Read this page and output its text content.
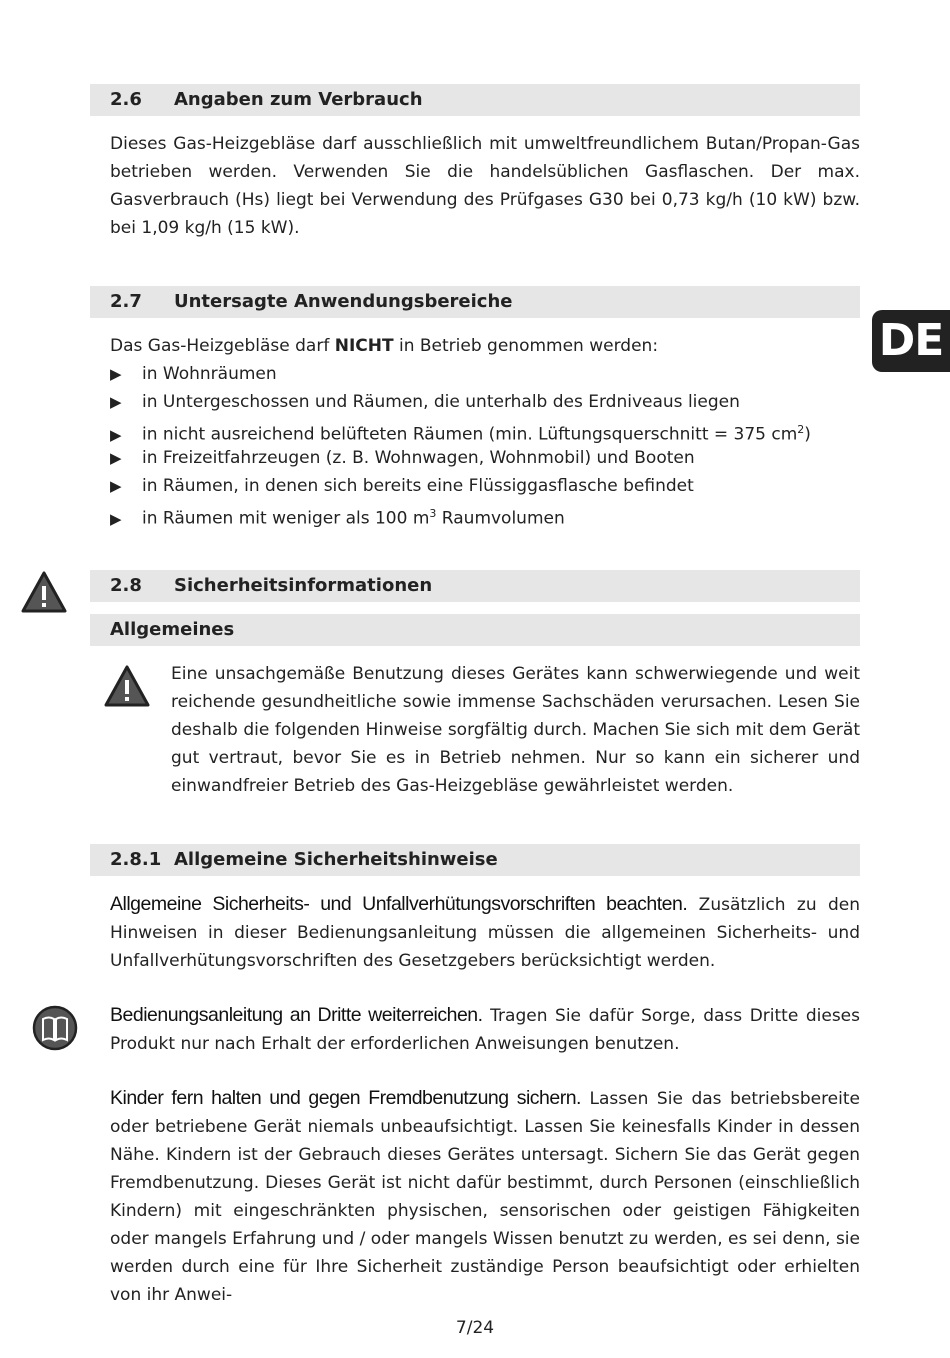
2.6 Angaben zum Verbrauch
Dieses Gas-Heizgebläse darf ausschließlich mit umweltfreundlichem Butan/Propan-Gas betrieben werden. Verwenden Sie die handelsüblichen Gasflaschen. Der max. Gasverbrauch (Hs) liegt bei Verwendung des Prüfgases G30 bei 0,73 kg/h (10 kW) bzw. bei 1,09 kg/h (15 kW).
DE
2.7 Untersagte Anwendungsbereiche
Das Gas-Heizgebläse darf NICHT in Betrieb genommen werden:
▶ in Wohnräumen
▶ in Untergeschossen und Räumen, die unterhalb des Erdniveaus liegen
▶ in nicht ausreichend belüfteten Räumen (min. Lüftungsquerschnitt = 375 $cm^2$)
▶ in Freizeitfahrzeugen (z. B. Wohnwagen, Wohnmobil) und Booten
▶ in Räumen, in denen sich bereits eine Flüssiggasflasche befindet
▶ in Räumen mit weniger als 100 $m^3$ Raumvolumen
2.8 Sicherheitsinformationen
Allgemeines
Eine unsachgemäße Benutzung dieses Gerätes kann schwerwiegende und weit reichende gesundheitliche sowie immense Sachschäden verursachen. Lesen Sie deshalb die folgenden Hinweise sorgfältig durch. Machen Sie sich mit dem Gerät gut vertraut, bevor Sie es in Betrieb nehmen. Nur so kann ein sicherer und einwandfreier Betrieb des Gas-Heizgebläse gewährleistet werden.
2.8.1 Allgemeine Sicherheitshinweise
Allgemeine Sicherheits- und Unfallverhütungsvorschriften beachten. Zusätzlich zu den Hinweisen in dieser Bedienungsanleitung müssen die allgemeinen Sicherheits- und Unfallverhütungsvorschriften des Gesetzgebers berücksichtigt werden.
Bedienungsanleitung an Dritte weiterreichen. Tragen Sie dafür Sorge, dass Dritte dieses Produkt nur nach Erhalt der erforderlichen Anweisungen benutzen.
Kinder fern halten und gegen Fremdbenutzung sichern. Lassen Sie das betriebsbereite oder betriebene Gerät niemals unbeaufsichtigt. Lassen Sie keinesfalls Kinder in dessen Nähe. Kindern ist der Gebrauch dieses Gerätes untersagt. Sichern Sie das Gerät gegen Fremdbenutzung. Dieses Gerät ist nicht dafür bestimmt, durch Personen (einschließlich Kindern) mit eingeschränkten physischen, sensorischen oder geistigen Fähigkeiten oder mangels Erfahrung und / oder mangels Wissen benutzt zu werden, es sei denn, sie werden durch eine für Ihre Sicherheit zuständige Person beaufsichtigt oder erhielten von ihr Anwei-
7/24
